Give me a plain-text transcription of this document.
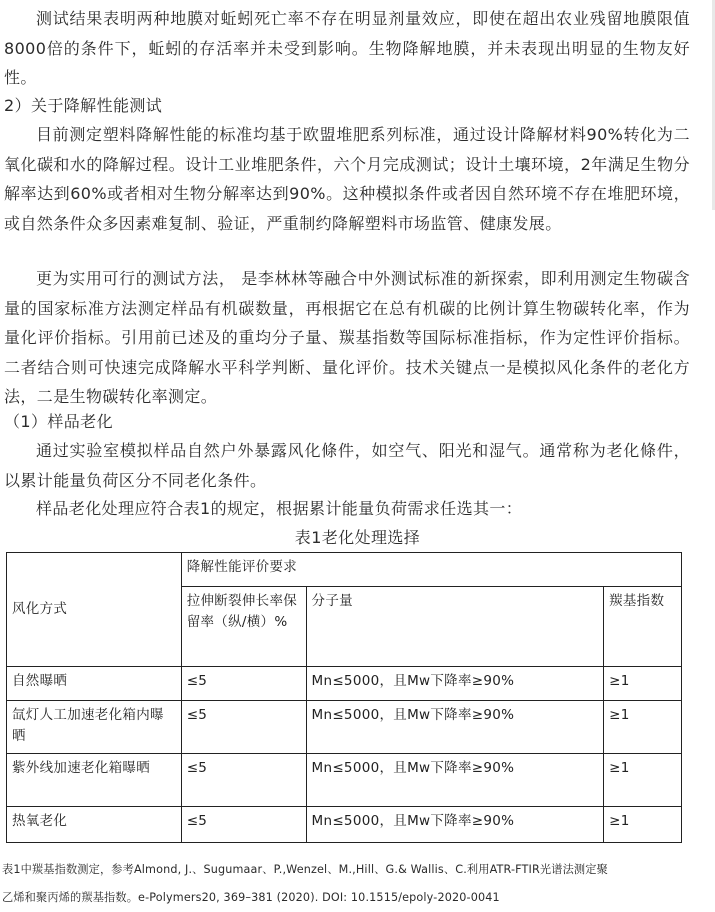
测试结果表明两种地膜对蚯蚓死亡率不存在明显剂量效应，即使在超出农业残留地膜限值8000倍的条件下，蚯蚓的存活率并未受到影响。生物降解地膜，并未表现出明显的生物友好性。

2）关于降解性能测试

目前测定塑料降解性能的标准均基于欧盟堆肥系列标准，通过设计降解材料90%转化为二氧化碳和水的降解过程。设计工业堆肥条件，六个月完成测试；设计土壤环境，2年满足生物分解率达到60%或者相对生物分解率达到90%。这种模拟条件或者因自然环境不存在堆肥环境，或自然条件众多因素难复制、验证，严重制约降解塑料市场监管、健康发展。

更为实用可行的测试方法， 是李林林等融合中外测试标准的新探索，即利用测定生物碳含量的国家标准方法测定样品有机碳数量，再根据它在总有机碳的比例计算生物碳转化率，作为量化评价指标。引用前已述及的重均分子量、羰基指数等国际标准指标，作为定性评价指标。二者结合则可快速完成降解水平科学判断、量化评价。技术关键点一是模拟风化条件的老化方法，二是生物碳转化率测定。

（1）样品老化

通过实验室模拟样品自然户外暴露风化條件，如空气、阳光和湿气。通常称为老化條件，以累计能量负荷区分不同老化条件。

样品老化处理应符合表1的规定，根据累计能量负荷需求任选其一：

表1老化处理选择
风化方式	降解性能评价要求		
	拉伸断裂伸长率保留率（纵/横）%	分子量	羰基指数
自然曝晒	≤5	Mn≤5000，且Mw下降率≥90%	≥1
氙灯人工加速老化箱内曝晒	≤5	Mn≤5000，且Mw下降率≥90%	≥1
紫外线加速老化箱曝晒	≤5	Mn≤5000，且Mw下降率≥90%	≥1
热氧老化	≤5	Mn≤5000，且Mw下降率≥90%	≥1
表1中羰基指数测定，参考Almond, J.、Sugumaar、P.,Wenzel、M.,Hill、G.& Wallis、C.利用ATR-FTIR光谱法测定聚
乙烯和聚丙烯的羰基指数。e-Polymers20, 369–381 (2020). DOI: 10.1515/epoly-2020-0041
